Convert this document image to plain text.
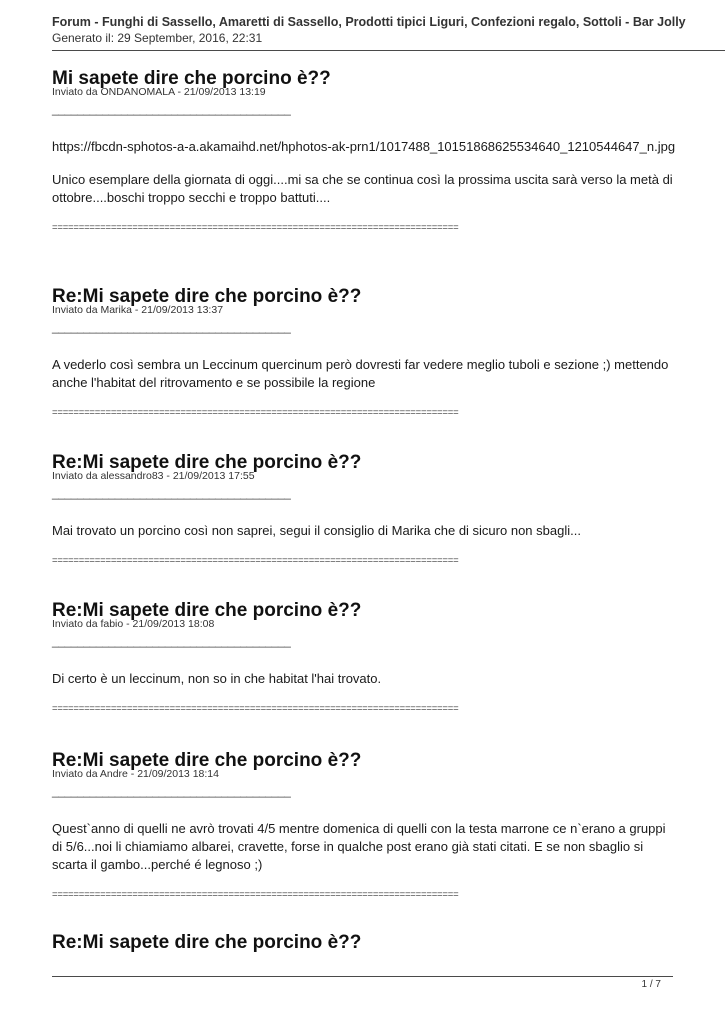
Forum - Funghi di Sassello, Amaretti di Sassello, Prodotti tipici Liguri, Confezioni regalo, Sottoli - Bar Jolly
Generato il: 29 September, 2016, 22:31
Mi sapete dire che porcino è??
Inviato da ONDANOMALA - 21/09/2013 13:19
______________________________________

https://fbcdn-sphotos-a-a.akamaihd.net/hphotos-ak-prn1/1017488_10151868625534640_1210544647_n.jpg

Unico esemplare della giornata di oggi....mi sa che se continua così la prossima uscita sarà verso la metà di ottobre....boschi troppo secchi e troppo battuti....

============================================================================
Re:Mi sapete dire che porcino è??
Inviato da Marika - 21/09/2013 13:37
______________________________________

A vederlo così sembra un Leccinum quercinum però dovresti far vedere meglio tuboli e sezione ;) mettendo anche l'habitat del ritrovamento e se possibile la regione

============================================================================
Re:Mi sapete dire che porcino è??
Inviato da alessandro83 - 21/09/2013 17:55
______________________________________

Mai trovato un porcino così non saprei, segui il consiglio di Marika che di sicuro non sbagli...

============================================================================
Re:Mi sapete dire che porcino è??
Inviato da fabio - 21/09/2013 18:08
______________________________________

Di certo è un leccinum, non so in che habitat l'hai trovato.

============================================================================
Re:Mi sapete dire che porcino è??
Inviato da Andre - 21/09/2013 18:14
______________________________________

Quest`anno di quelli ne avrò trovati 4/5 mentre domenica di quelli con la testa marrone ce n`erano a gruppi di 5/6...noi li chiamiamo albarei, cravette, forse in qualche post erano già stati citati. E se non sbaglio si scarta il gambo...perché é legnoso ;)

============================================================================
Re:Mi sapete dire che porcino è??
1 / 7
